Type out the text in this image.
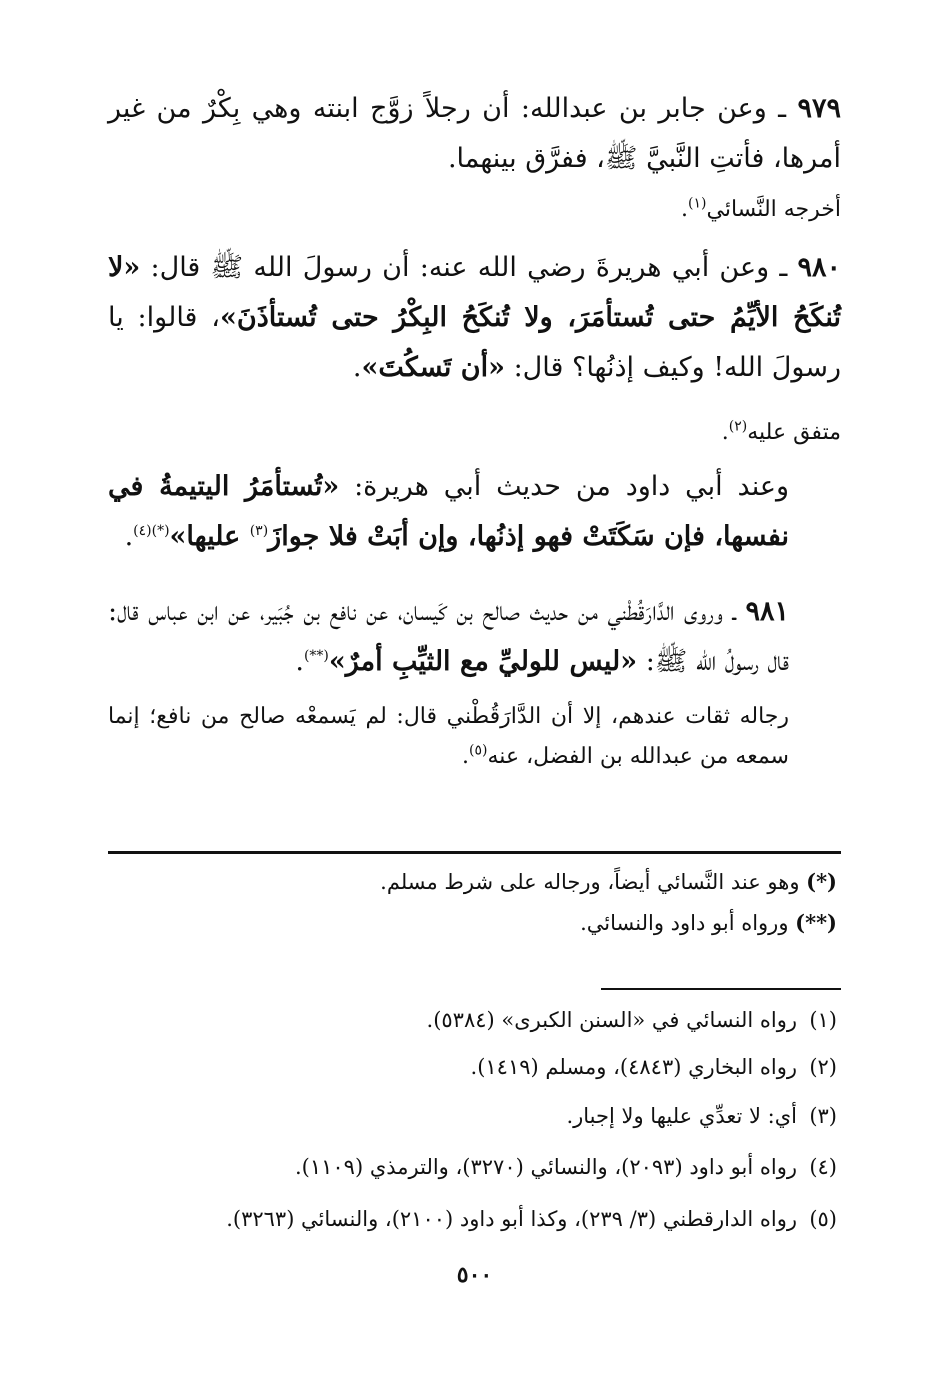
٩٧٩ ـ وعن جابر بن عبدالله: أن رجلاً زوَّج ابنته وهي بِكْرٌ من غير أمرها، فأتتِ النَّبيَّ ﷺ، ففرَّق بينهما.
أخرجه النَّسائي$^{(١)}$.
٩٨٠ ـ وعن أبي هريرةَ رضي الله عنه: أن رسولَ الله ﷺ قال: «لا تُنكَحُ الأيِّمُ حتى تُستأمَرَ، ولا تُنكَحُ البِكْرُ حتى تُستأذَنَ»، قالوا: يا رسولَ الله! وكيف إذنُها؟ قال: «أن تَسكُتَ».
متفق عليه$^{(٢)}$.
وعند أبي داود من حديث أبي هريرة: «تُستأمَرُ اليتيمةُ في نفسها، فإن سَكَتَتْ فهو إذنُها، وإن أبَتْ فلا جوازَ$^{(٣)}$ عليها»$^{(*)(٤)}$.
٩٨١ ـ وروى الدَّارَقُطْني من حديث صالح بن كَيسان، عن نافع بن جُبَير، عن ابن عباس قال: قال رسولُ الله ﷺ: «ليس للوليِّ مع الثيِّبِ أمرٌ»(**).
رجاله ثقات عندهم، إلا أن الدَّارَقُطْني قال: لم يَسمعْه صالح من نافع؛ إنما سمعه من عبدالله بن الفضل، عنه$^{(٥)}$.
(*) وهو عند النَّسائي أيضاً، ورجاله على شرط مسلم.
(**) ورواه أبو داود والنسائي.
(١)رواه النسائي في «السنن الكبرى» (٥٣٨٤).
(٢)رواه البخاري (٤٨٤٣)، ومسلم (١٤١٩).
(٣)أي: لا تعدِّي عليها ولا إجبار.
(٤)رواه أبو داود (٢٠٩٣)، والنسائي (٣٢٧٠)، والترمذي (١١٠٩).
(٥)رواه الدارقطني (٣/ ٢٣٩)، وكذا أبو داود (٢١٠٠)، والنسائي (٣٢٦٣).
٥٠٠
